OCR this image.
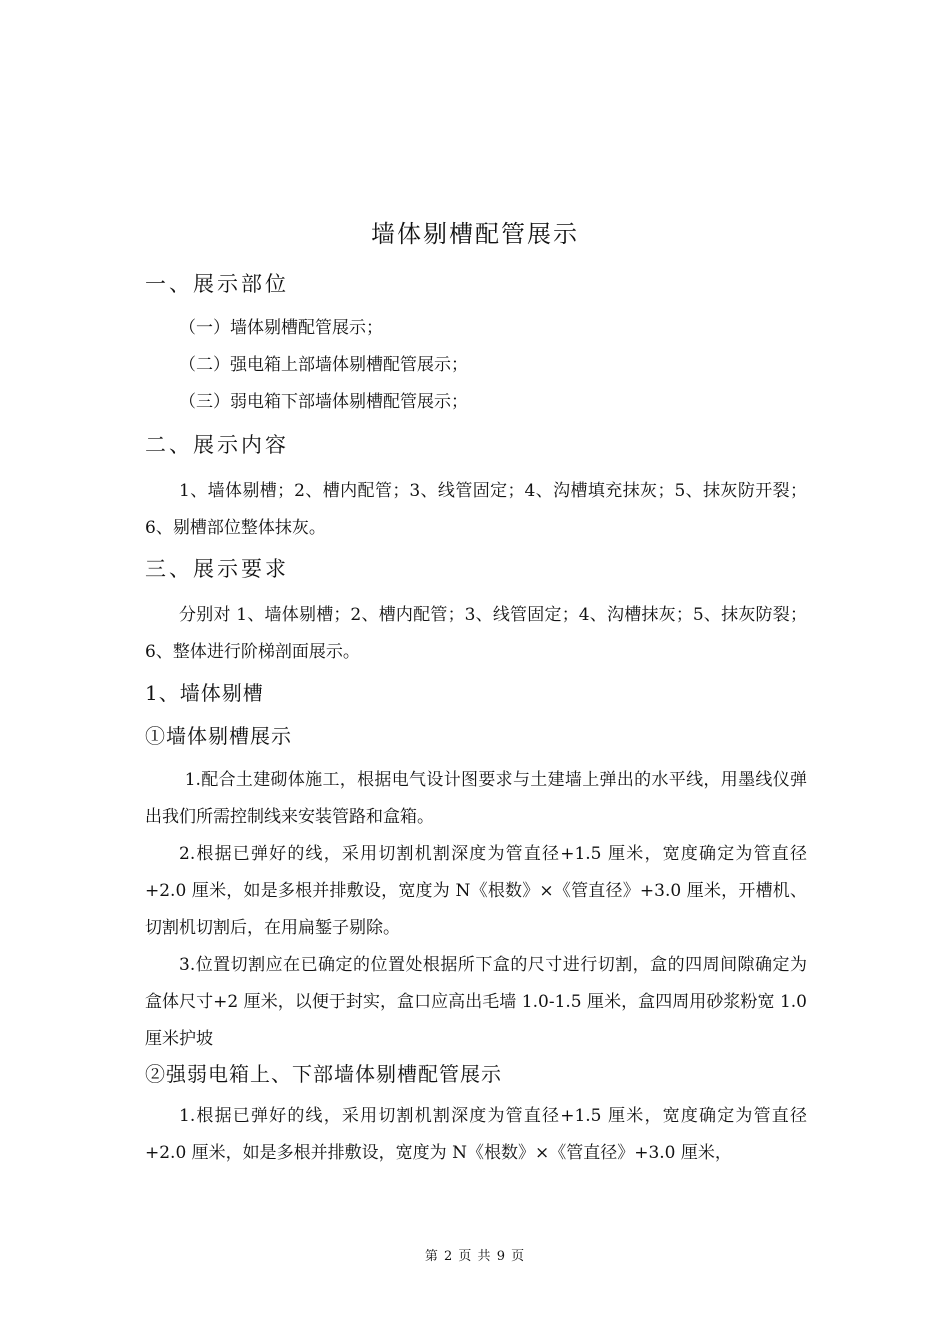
墙体剔槽配管展示
一、展示部位
（一）墙体剔槽配管展示；
（二）强电箱上部墙体剔槽配管展示；
（三）弱电箱下部墙体剔槽配管展示；
二、展示内容
1、墙体剔槽；2、槽内配管；3、线管固定；4、沟槽填充抹灰；5、抹灰防开裂；6、剔槽部位整体抹灰。
三、展示要求
分别对 1、墙体剔槽；2、槽内配管；3、线管固定；4、沟槽抹灰；5、抹灰防裂；6、整体进行阶梯剖面展示。
1、墙体剔槽
①墙体剔槽展示
1.配合土建砌体施工，根据电气设计图要求与土建墙上弹出的水平线，用墨线仪弹出我们所需控制线来安装管路和盒箱。
2.根据已弹好的线，采用切割机割深度为管直径+1.5 厘米，宽度确定为管直径+2.0 厘米，如是多根并排敷设，宽度为 N《根数》×《管直径》+3.0 厘米，开槽机、切割机切割后，在用扁錾子剔除。
3.位置切割应在已确定的位置处根据所下盒的尺寸进行切割，盒的四周间隙确定为盒体尺寸+2 厘米，以便于封实，盒口应高出毛墙 1.0-1.5 厘米，盒四周用砂浆粉宽 1.0 厘米护坡
②强弱电箱上、下部墙体剔槽配管展示
1.根据已弹好的线，采用切割机割深度为管直径+1.5 厘米，宽度确定为管直径+2.0 厘米，如是多根并排敷设，宽度为 N《根数》×《管直径》+3.0 厘米，
第 2 页 共 9 页
